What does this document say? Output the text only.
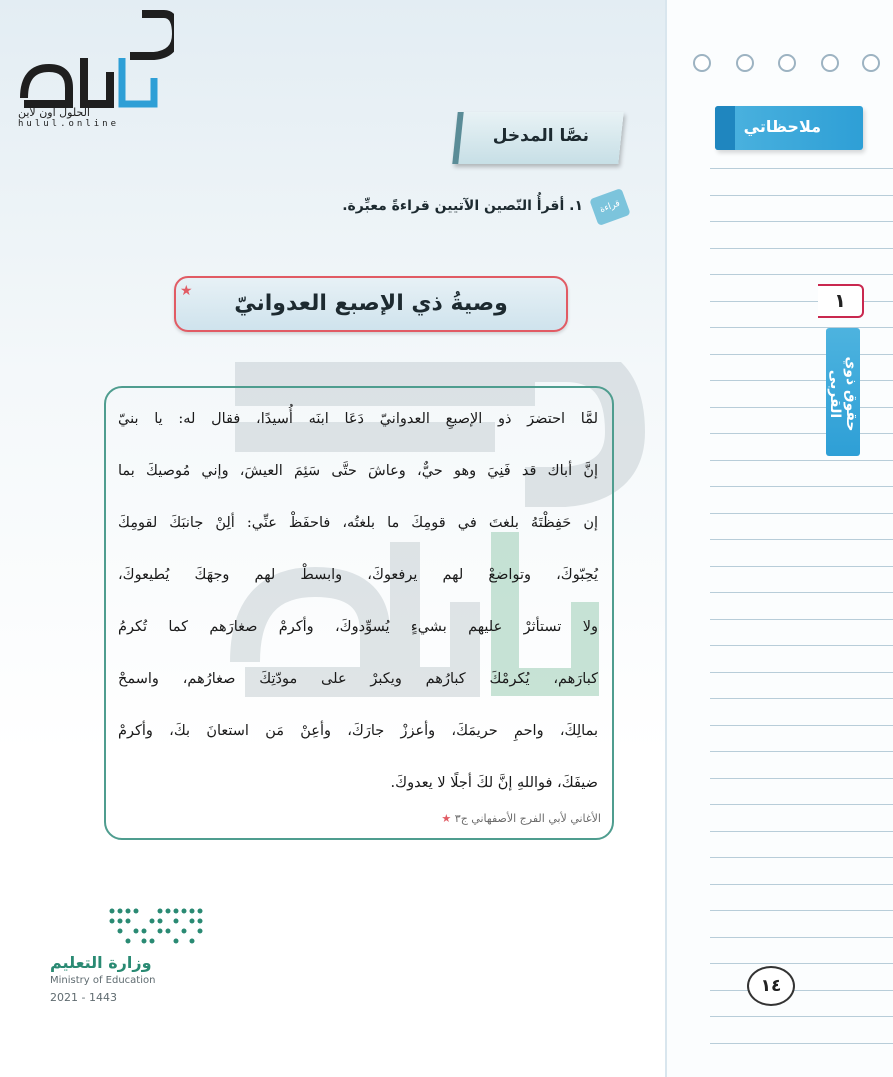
ملاحظاتي
١
حقوق ذوي القربى
١٤
الحلول اون لاين
hulul.online
نصَّا المدخل
قراءة
١. أقرأُ النّصين الآتيين قراءةً معبِّرة.
وصيةُ ذي الإصبع العدوانيّ
★
لمَّا احتضرَ ذو الإصبعِ العدوانيّ دَعَا ابنَه أُسيدًا، فقال له: يا بنيّ
إنَّ أباك قد فَنِيَ وهو حيٌّ، وعاشَ حتَّى سَئِمَ العيشَ، وإني مُوصيكَ بما
إن حَفِظْتَهُ بلغتَ في قومِكَ ما بلغتُه، فاحفَظْ عنِّي: ألِنْ جانبَكَ لقومِكَ
يُحِبّوكَ، وتواضعْ لهم يرفعوكَ، وابسطْ لهم وجهَكَ يُطيعوكَ،
ولا تستأثرْ عليهم بشيءٍ يُسوِّدوكَ، وأكرمْ صغارَهم كما تُكرمُ
كبارَهم، يُكرمْكَ كبارُهم ويكبرْ على مودّتِكَ صغارُهم، واسمحْ
بمالِكَ، واحمِ حريمَكَ، وأعززْ جارَكَ، وأعِنْ مَن استعانَ بكَ، وأكرمْ
ضيفَكَ، فواللهِ إنَّ لكَ أجلًا لا يعدوكَ.
الأغاني لأبي الفرج الأصفهاني ج٣ ★
وزارة التعليم
Ministry of Education
2021 - 1443
